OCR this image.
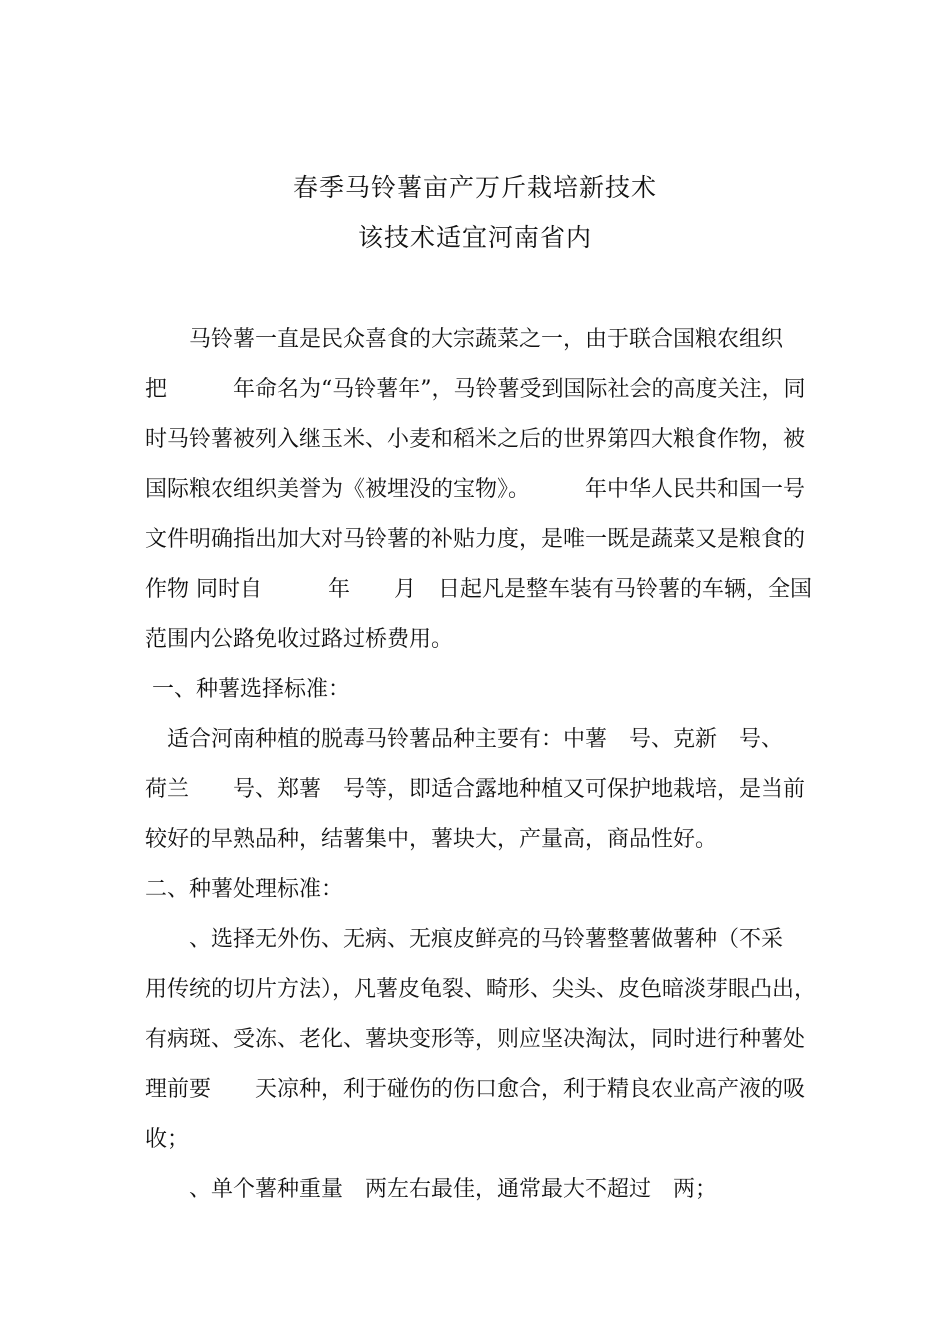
春季马铃薯亩产万斤栽培新技术
该技术适宜河南省内
　　马铃薯一直是民众喜食的大宗蔬菜之一，由于联合国粮农组织
把　　　年命名为“马铃薯年”，马铃薯受到国际社会的高度关注，同
时马铃薯被列入继玉米、小麦和稻米之后的世界第四大粮食作物，被
国际粮农组织美誉为《被埋没的宝物》。　　　年中华人民共和国一号
文件明确指出加大对马铃薯的补贴力度，是唯一既是蔬菜又是粮食的
作物 同时自　　　年　　月　日起凡是整车装有马铃薯的车辆，全国
范围内公路免收过路过桥费用。
一、种薯选择标准：
　适合河南种植的脱毒马铃薯品种主要有：中薯　号、克新　号、
荷兰　　号、郑薯　号等，即适合露地种植又可保护地栽培，是当前
较好的早熟品种，结薯集中，薯块大，产量高，商品性好。
二、种薯处理标准：
　　、选择无外伤、无病、无痕皮鲜亮的马铃薯整薯做薯种（不采
用传统的切片方法），凡薯皮龟裂、畸形、尖头、皮色暗淡芽眼凸出，
有病斑、受冻、老化、薯块变形等，则应坚决淘汰，同时进行种薯处
理前要　　天凉种，利于碰伤的伤口愈合，利于精良农业高产液的吸
收；
　　、单个薯种重量　两左右最佳，通常最大不超过　两；
